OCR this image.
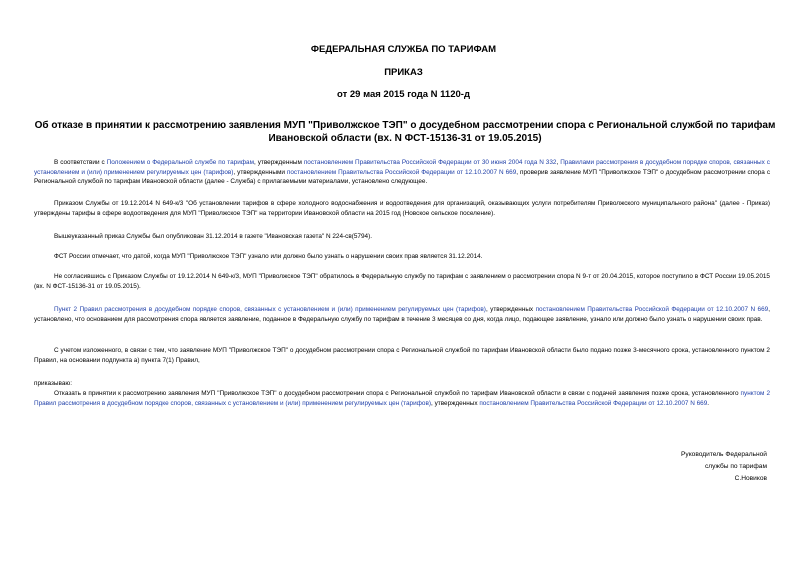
ФЕДЕРАЛЬНАЯ СЛУЖБА ПО ТАРИФАМ
ПРИКАЗ
от 29 мая 2015 года N 1120-д
Об отказе в принятии к рассмотрению заявления МУП "Приволжское ТЭП" о досудебном рассмотрении спора с Региональной службой по тарифам Ивановской области (вх. N ФСТ-15136-31 от 19.05.2015)
В соответствии с Положением о Федеральной службе по тарифам, утвержденным постановлением Правительства Российской Федерации от 30 июня 2004 года N 332, Правилами рассмотрения в досудебном порядке споров, связанных с установлением и (или) применением регулируемых цен (тарифов), утвержденными постановлением Правительства Российской Федерации от 12.10.2007 N 669, проверив заявление МУП "Приволжское ТЭП" о досудебном рассмотрении спора с Региональной службой по тарифам Ивановской области (далее - Служба) с прилагаемыми материалами, установлено следующее.
Приказом Службы от 19.12.2014 N 649-к/3 "Об установлении тарифов в сфере холодного водоснабжения и водоотведения для организаций, оказывающих услуги потребителям Приволжского муниципального района" (далее - Приказ) утверждены тарифы в сфере водоотведения для МУП "Приволжское ТЭП" на территории Ивановской области на 2015 год (Новское сельское поселение).
Вышеуказанный приказ Службы был опубликован 31.12.2014 в газете "Ивановская газета" N 224-св(5794).
ФСТ России отмечает, что датой, когда МУП "Приволжское ТЭП" узнало или должно было узнать о нарушении своих прав является 31.12.2014.
Не согласившись с Приказом Службы от 19.12.2014 N 649-к/3, МУП "Приволжское ТЭП" обратилось в Федеральную службу по тарифам с заявлением о рассмотрении спора N 9-т от 20.04.2015, которое поступило в ФСТ России 19.05.2015 (вх. N ФСТ-15136-31 от 19.05.2015).
Пункт 2 Правил рассмотрения в досудебном порядке споров, связанных с установлением и (или) применением регулируемых цен (тарифов), утвержденных постановлением Правительства Российской Федерации от 12.10.2007 N 669, установлено, что основанием для рассмотрения спора является заявление, поданное в Федеральную службу по тарифам в течение 3 месяцев со дня, когда лицо, подающее заявление, узнало или должно было узнать о нарушении своих прав.
С учетом изложенного, в связи с тем, что заявление МУП "Приволжское ТЭП" о досудебном рассмотрении спора с Региональной службой по тарифам Ивановской области было подано позже 3-месячного срока, установленного пунктом 2 Правил, на основании подпункта а) пункта 7(1) Правил,
приказываю:
Отказать в принятии к рассмотрению заявления МУП "Приволжское ТЭП" о досудебном рассмотрении спора с Региональной службой по тарифам Ивановской области в связи с подачей заявления позже срока, установленного пунктом 2 Правил рассмотрения в досудебном порядке споров, связанных с установлением и (или) применением регулируемых цен (тарифов), утвержденных постановлением Правительства Российской Федерации от 12.10.2007 N 669.
Руководитель Федеральной
службы по тарифам
С.Новиков
